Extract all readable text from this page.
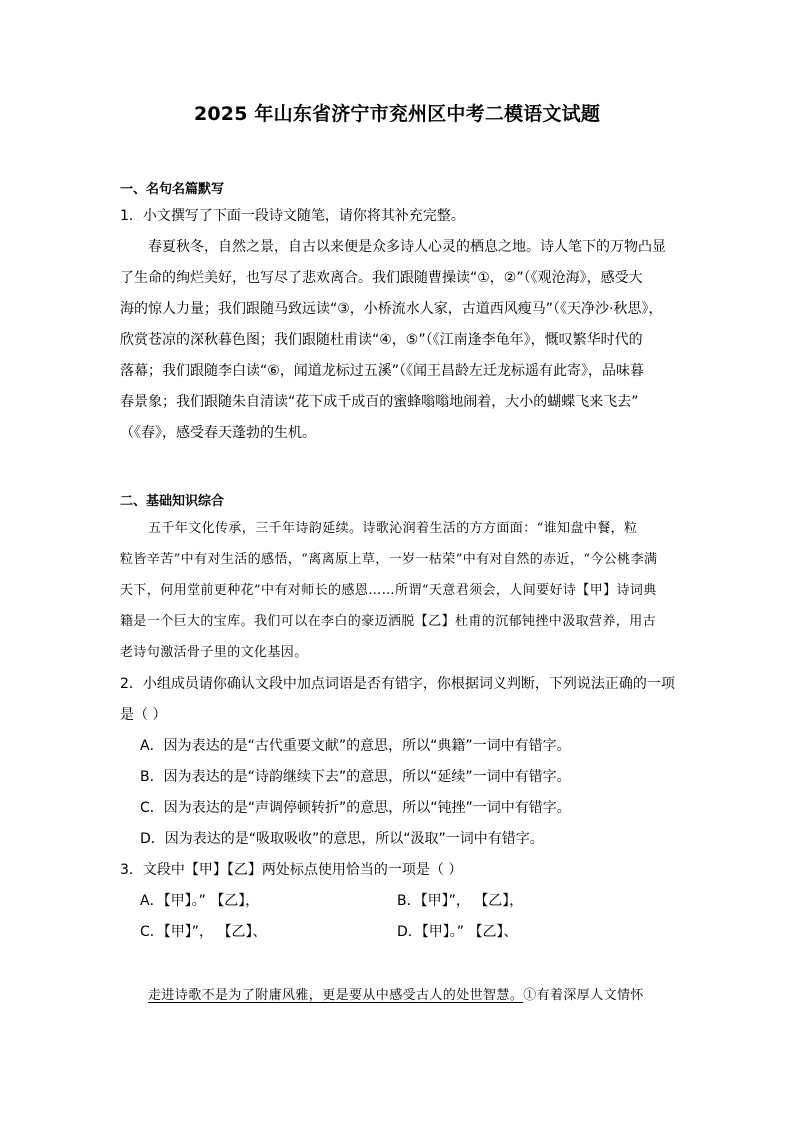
2025 年山东省济宁市兖州区中考二模语文试题
一、名句名篇默写
1．小文撰写了下面一段诗文随笔，请你将其补充完整。
春夏秋冬，自然之景，自古以来便是众多诗人心灵的栖息之地。诗人笔下的万物凸显
了生命的绚烂美好，也写尽了悲欢离合。我们跟随曹操读“①，②”（《观沧海》，感受大
海的惊人力量；我们跟随马致远读“③，小桥流水人家，古道西风瘦马”（《天净沙·秋思》，
欣赏苍凉的深秋暮色图；我们跟随杜甫读“④，⑤”（《江南逢李龟年》，慨叹繁华时代的
落幕；我们跟随李白读“⑥，闻道龙标过五溪”（《闻王昌龄左迁龙标遥有此寄》，品味暮
春景象；我们跟随朱自清读“花下成千成百的蜜蜂嗡嗡地闹着，大小的蝴蝶飞来飞去”
（《春》，感受春天蓬勃的生机。
二、基础知识综合
五千年文化传承，三千年诗韵延续。诗歌沁润着生活的方方面面：“谁知盘中餐，粒
粒皆辛苦”中有对生活的感悟，“离离原上草，一岁一枯荣”中有对自然的赤近，“今公桃李满
天下，何用堂前更种花”中有对师长的感恩……所谓“天意君须会，人间要好诗【甲】诗词典
籍是一个巨大的宝库。我们可以在李白的豪迈洒脱【乙】杜甫的沉郁钝挫中汲取营养，用古
老诗句激活骨子里的文化基因。
2．小组成员请你确认文段中加点词语是否有错字，你根据词义判断，下列说法正确的一项
是（ ）
A．因为表达的是“古代重要文献”的意思，所以“典籍”一词中有错字。
B．因为表达的是“诗韵继续下去”的意思，所以“延续”一词中有错字。
C．因为表达的是“声调停顿转折”的意思，所以“钝挫”一词中有错字。
D．因为表达的是“吸取吸收”的意思，所以“汲取”一词中有错字。
3．文段中【甲】【乙】两处标点使用恰当的一项是（ ）
A．【甲】。” 【乙】，	B．【甲】”， 【乙】，
C．【甲】”， 【乙】、	D．【甲】。” 【乙】、
走进诗歌不是为了附庸风雅，更是要从中感受古人的处世智慧。①有着深厚人文情怀
